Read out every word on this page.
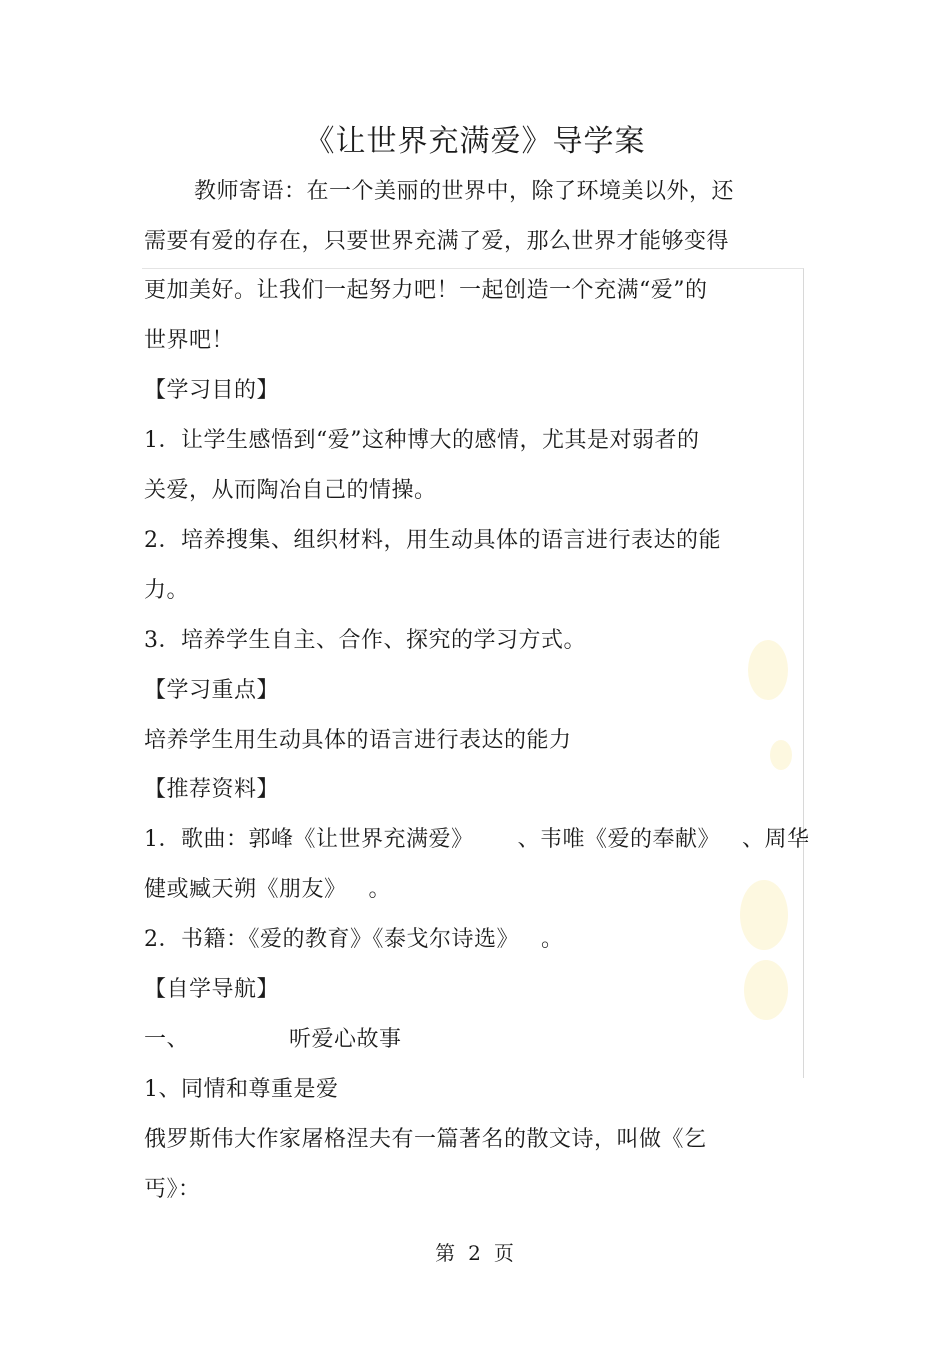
《让世界充满爱》导学案
教师寄语：在一个美丽的世界中，除了环境美以外，还
需要有爱的存在，只要世界充满了爱，那么世界才能够变得
更加美好。让我们一起努力吧！一起创造一个充满“爱”的
世界吧！
【学习目的】
1．让学生感悟到“爱”这种博大的感情，尤其是对弱者的
关爱，从而陶冶自己的情操。
2．培养搜集、组织材料，用生动具体的语言进行表达的能
力。
3．培养学生自主、合作、探究的学习方式。
【学习重点】
培养学生用生动具体的语言进行表达的能力
【推荐资料】
1．歌曲：郭峰《让世界充满爱》 、韦唯《爱的奉献》 、周华
健或臧天朔《朋友》 。
2．书籍：《爱的教育》《泰戈尔诗选》 。
【自学导航】
一、	听爱心故事
1、同情和尊重是爱
俄罗斯伟大作家屠格涅夫有一篇著名的散文诗，叫做《乞
丐》：
第 2 页
